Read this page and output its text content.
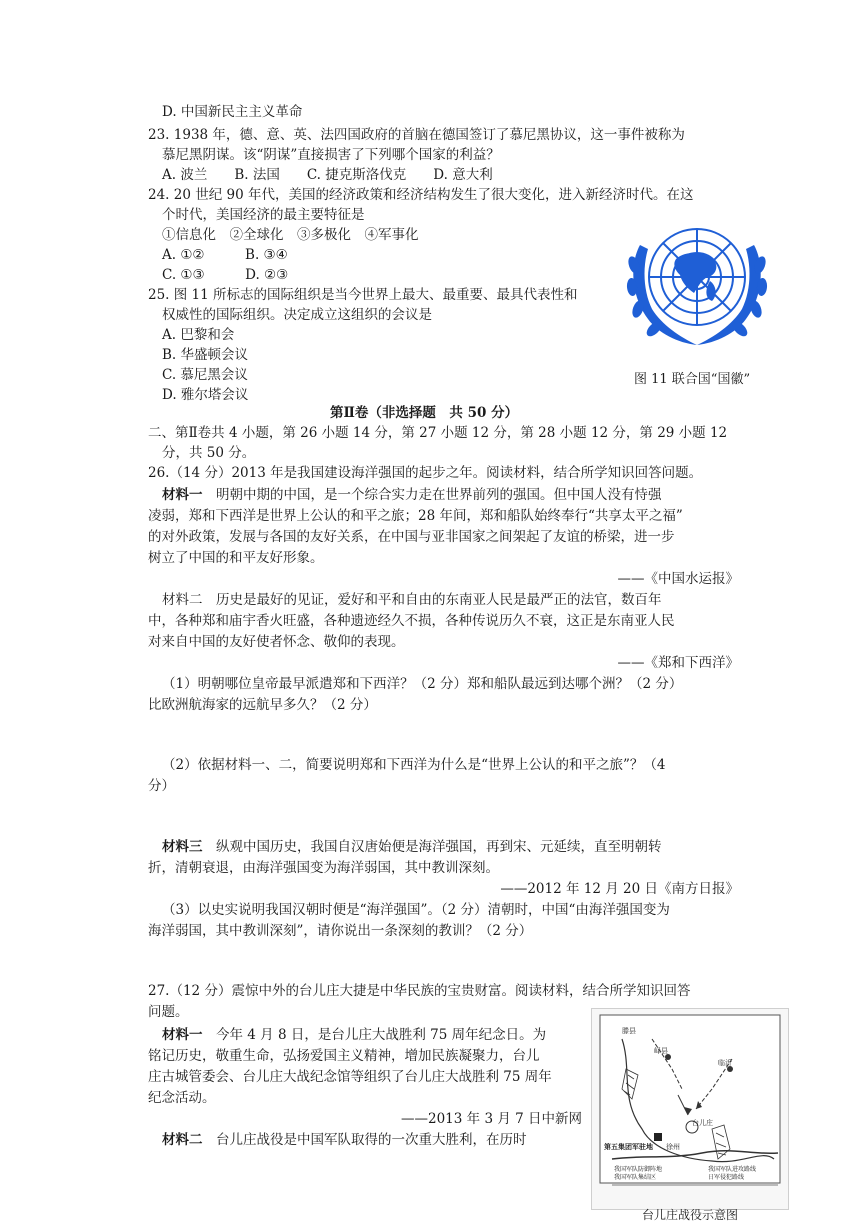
D. 中国新民主主义革命
23. 1938 年，德、意、英、法四国政府的首脑在德国签订了慕尼黑协议，这一事件被称为
慕尼黑阴谋。该“阴谋”直接损害了下列哪个国家的利益？
A. 波兰　　B. 法国　　C. 捷克斯洛伐克　　D. 意大利
24. 20 世纪 90 年代，美国的经济政策和经济结构发生了很大变化，进入新经济时代。在这
个时代，美国经济的最主要特征是
①信息化　②全球化　③多极化　④军事化
A. ①②　　　B. ③④
C. ①③　　　D. ②③
25. 图 11 所标志的国际组织是当今世界上最大、最重要、最具代表性和
权威性的国际组织。决定成立这组织的会议是
A. 巴黎和会
B. 华盛顿会议
C. 慕尼黑会议
D. 雅尔塔会议
图 11 联合国“国徽”
第Ⅱ卷（非选择题　共 50 分）
二、第Ⅱ卷共 4 小题，第 26 小题 14 分，第 27 小题 12 分，第 28 小题 12 分，第 29 小题 12
分，共 50 分。
26.（14 分）2013 年是我国建设海洋强国的起步之年。阅读材料，结合所学知识回答问题。
材料一　 明朝中期的中国，是一个综合实力走在世界前列的强国。但中国人没有恃强
凌弱，郑和下西洋是世界上公认的和平之旅；28 年间，郑和船队始终奉行“共享太平之福”
的对外政策，发展与各国的友好关系，在中国与亚非国家之间架起了友谊的桥梁，进一步
树立了中国的和平友好形象。
——《中国水运报》
材料二　历史是最好的见证，爱好和平和自由的东南亚人民是最严正的法官，数百年
中，各种郑和庙宇香火旺盛，各种遗迹经久不损，各种传说历久不衰，这正是东南亚人民
对来自中国的友好使者怀念、敬仰的表现。
——《郑和下西洋》
（1）明朝哪位皇帝最早派遣郑和下西洋？（2 分）郑和船队最远到达哪个洲？（2 分）
比欧洲航海家的远航早多久？（2 分）
（2）依据材料一、二，简要说明郑和下西洋为什么是“世界上公认的和平之旅”？（4
分）
材料三　 纵观中国历史，我国自汉唐始便是海洋强国，再到宋、元延续，直至明朝转
折，清朝衰退，由海洋强国变为海洋弱国，其中教训深刻。
——2012 年 12 月 20 日《南方日报》
（3）以史实说明我国汉朝时便是“海洋强国”。（2 分）清朝时，中国“由海洋强国变为
海洋弱国，其中教训深刻”，请你说出一条深刻的教训？（2 分）
27.（12 分）震惊中外的台儿庄大捷是中华民族的宝贵财富。阅读材料，结合所学知识回答
问题。
材料一　 今年 4 月 8 日，是台儿庄大战胜利 75 周年纪念日。为
铭记历史，敬重生命，弘扬爱国主义精神，增加民族凝聚力，台儿
庄古城管委会、台儿庄大战纪念馆等组织了台儿庄大战胜利 75 周年
纪念活动。
——2013 年 3 月 7 日中新网
材料二　 台儿庄战役是中国军队取得的一次重大胜利，在历时
台儿庄
第五集团军驻地 徐州
临沂
峄县
滕县
我国军队防御阵地
我国军队集结区
我国军队进攻路线
日军侵犯路线
台儿庄战役示意图
